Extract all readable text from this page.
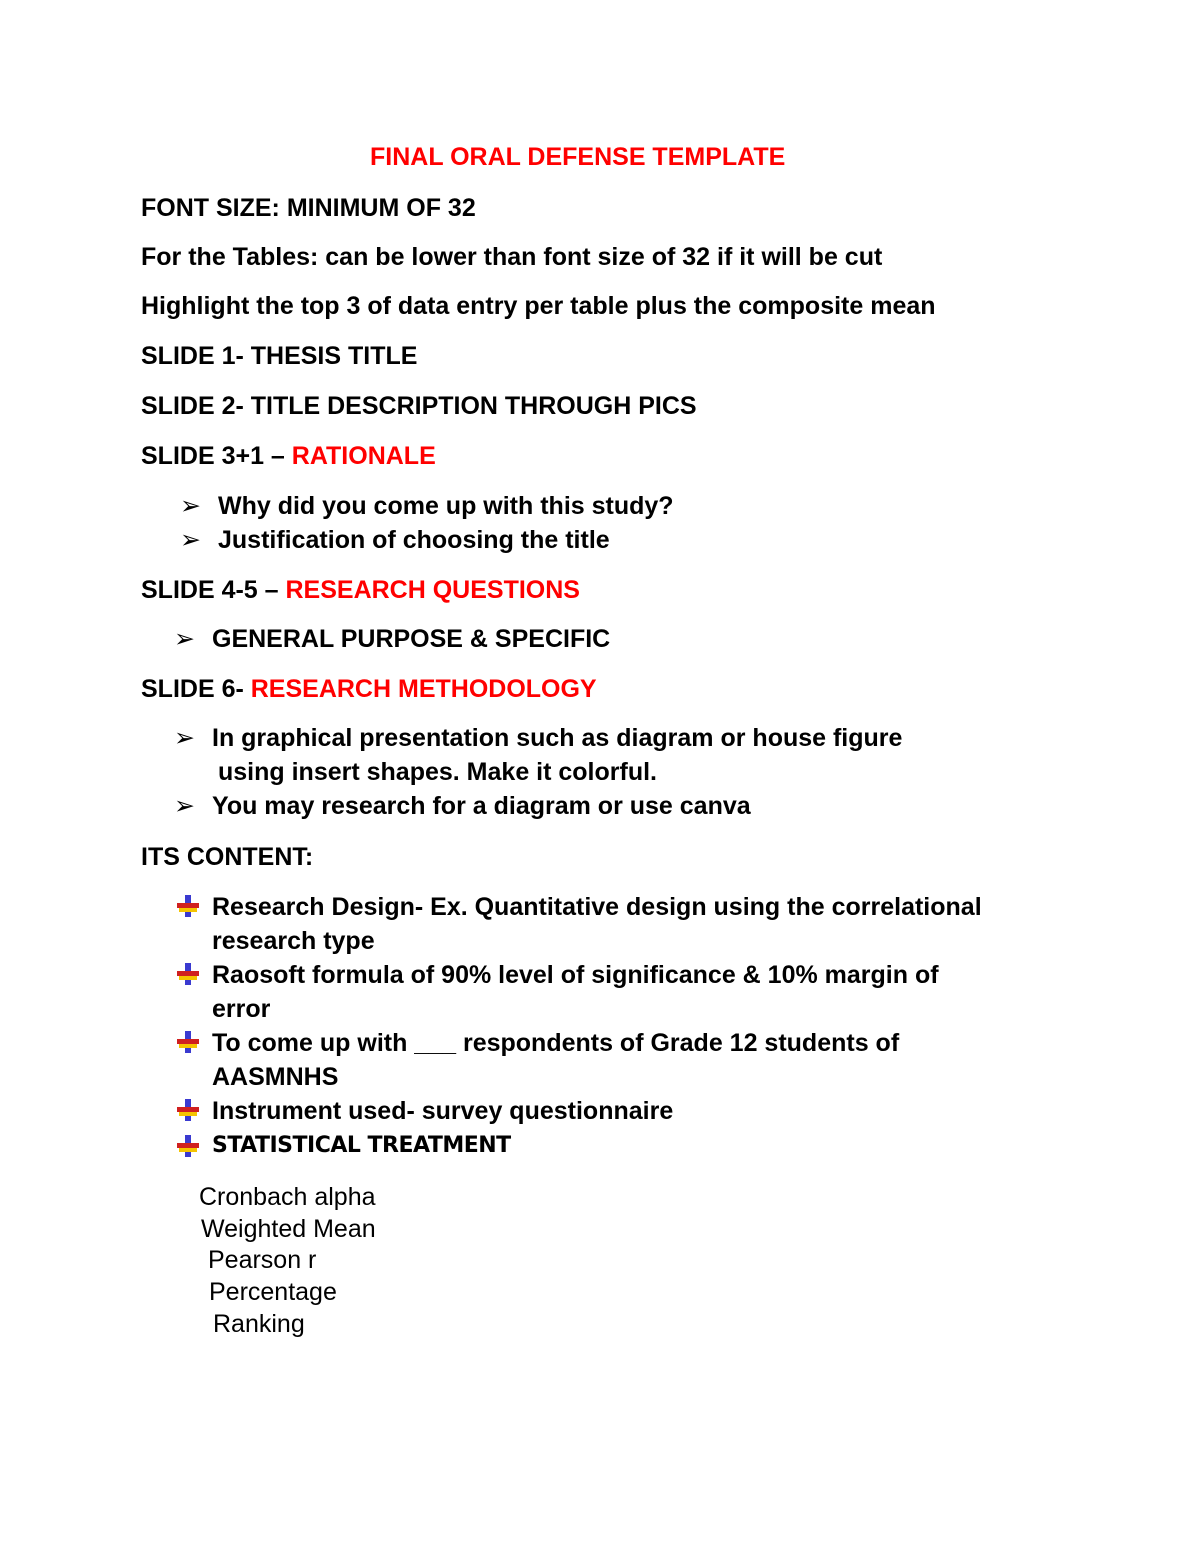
FINAL ORAL DEFENSE TEMPLATE
FONT SIZE: MINIMUM OF 32
For the Tables: can be lower than font size of 32 if it will be cut
Highlight the top 3 of data entry per table plus the composite mean
SLIDE 1- THESIS TITLE
SLIDE 2- TITLE DESCRIPTION THROUGH PICS
SLIDE 3+1 – RATIONALE
➢ Why did you come up with this study?
➢ Justification of choosing the title
SLIDE 4-5 – RESEARCH QUESTIONS
➢ GENERAL PURPOSE & SPECIFIC
SLIDE 6- RESEARCH METHODOLOGY
➢ In graphical presentation such as diagram or house figure
using insert shapes. Make it colorful.
➢ You may research for a diagram or use canva
ITS CONTENT:
Research Design- Ex. Quantitative design using the correlational
research type
Raosoft formula of 90% level of significance & 10% margin of
error
To come up with ___ respondents of Grade 12 students of
AASMNHS
Instrument used- survey questionnaire
STATISTICAL TREATMENT
Cronbach alpha
Weighted Mean
Pearson r
Percentage
Ranking
